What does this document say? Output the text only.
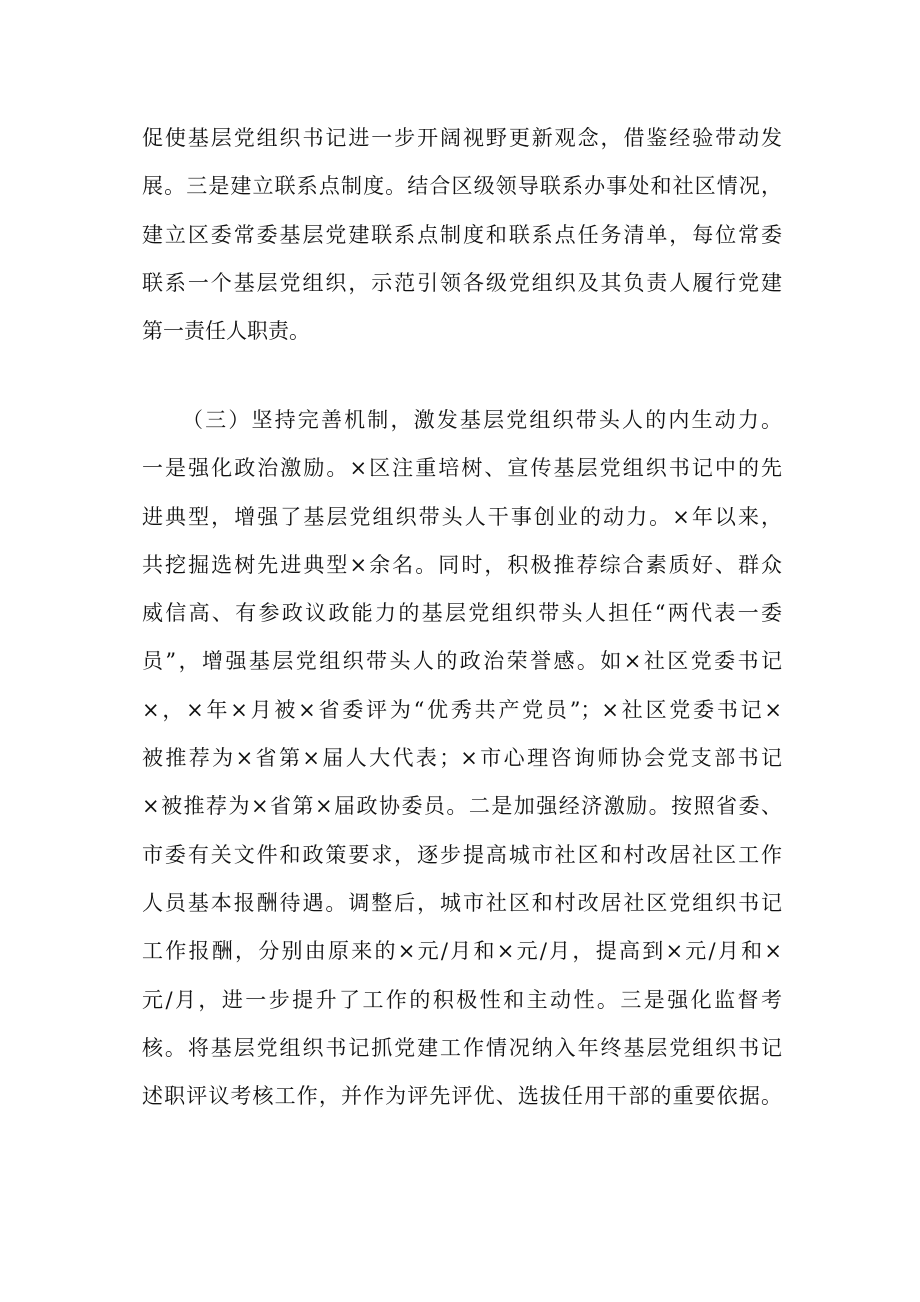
促使基层党组织书记进一步开阔视野更新观念，借鉴经验带动发
展。三是建立联系点制度。结合区级领导联系办事处和社区情况，
建立区委常委基层党建联系点制度和联系点任务清单，每位常委
联系一个基层党组织，示范引领各级党组织及其负责人履行党建
第一责任人职责。
（三）坚持完善机制，激发基层党组织带头人的内生动力。
一是强化政治激励。×区注重培树、宣传基层党组织书记中的先
进典型，增强了基层党组织带头人干事创业的动力。×年以来，
共挖掘选树先进典型×余名。同时，积极推荐综合素质好、群众
威信高、有参政议政能力的基层党组织带头人担任“两代表一委
员”，增强基层党组织带头人的政治荣誉感。如×社区党委书记
×，×年×月被×省委评为“优秀共产党员”；×社区党委书记×
被推荐为×省第×届人大代表；×市心理咨询师协会党支部书记
×被推荐为×省第×届政协委员。二是加强经济激励。按照省委、
市委有关文件和政策要求，逐步提高城市社区和村改居社区工作
人员基本报酬待遇。调整后，城市社区和村改居社区党组织书记
工作报酬，分别由原来的×元/月和×元/月，提高到×元/月和×
元/月，进一步提升了工作的积极性和主动性。三是强化监督考
核。将基层党组织书记抓党建工作情况纳入年终基层党组织书记
述职评议考核工作，并作为评先评优、选拔任用干部的重要依据。
